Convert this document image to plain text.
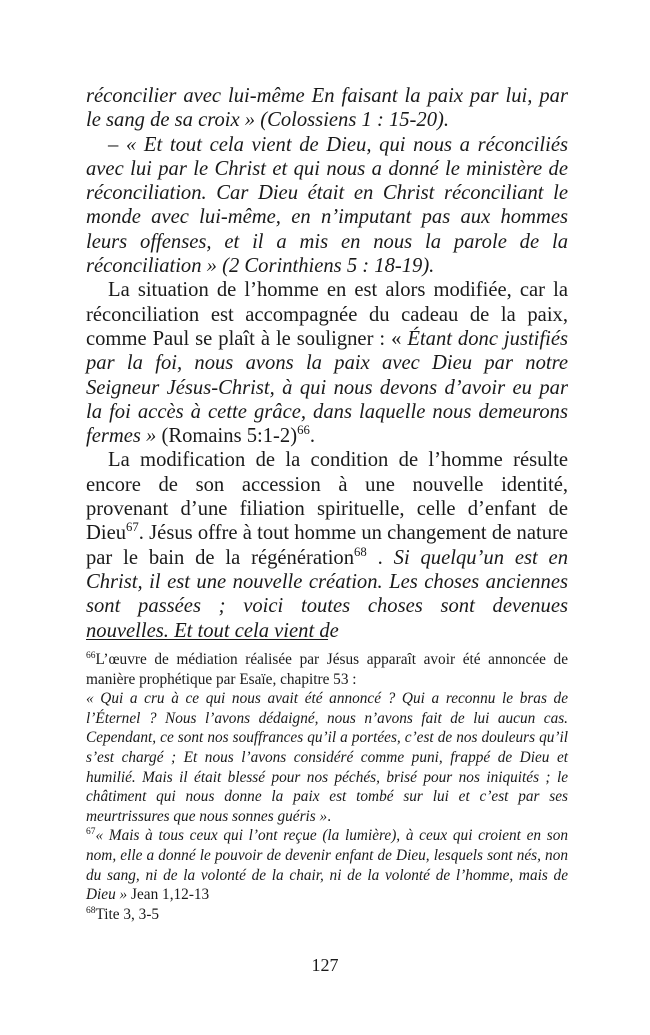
réconcilier avec lui-même En faisant la paix par lui, par le sang de sa croix » (Colossiens 1 : 15-20).

– « Et tout cela vient de Dieu, qui nous a réconciliés avec lui par le Christ et qui nous a donné le ministère de réconciliation. Car Dieu était en Christ réconciliant le monde avec lui-même, en n’imputant pas aux hommes leurs offenses, et il a mis en nous la parole de la réconciliation » (2 Corinthiens 5 : 18-19).

La situation de l’homme en est alors modifiée, car la réconciliation est accompagnée du cadeau de la paix, comme Paul se plaît à le souligner : « Étant donc justifiés par la foi, nous avons la paix avec Dieu par notre Seigneur Jésus-Christ, à qui nous devons d’avoir eu par la foi accès à cette grâce, dans laquelle nous demeurons fermes » (Romains 5:1-2)$^{66}$.

La modification de la condition de l’homme résulte encore de son accession à une nouvelle identité, provenant d’une filiation spirituelle, celle d’enfant de Dieu$^{67}$. Jésus offre à tout homme un changement de nature par le bain de la régénération$^{68}$ . Si quelqu’un est en Christ, il est une nouvelle création. Les choses anciennes sont passées ; voici toutes choses sont devenues nouvelles. Et tout cela vient de

$^{66}$L’œuvre de médiation réalisée par Jésus apparaît avoir été annoncée de manière prophétique par Esaïe, chapitre 53 :
« Qui a cru à ce qui nous avait été annoncé ? Qui a reconnu le bras de l’Éternel ? Nous l’avons dédaigné, nous n’avons fait de lui aucun cas. Cependant, ce sont nos souffrances qu’il a portées, c’est de nos douleurs qu’il s’est chargé ; Et nous l’avons considéré comme puni, frappé de Dieu et humilié. Mais il était blessé pour nos péchés, brisé pour nos iniquités ; le châtiment qui nous donne la paix est tombé sur lui et c’est par ses meurtrissures que nous sonnes guéris ».

$^{67}$« Mais à tous ceux qui l’ont reçue (la lumière), à ceux qui croient en son nom, elle a donné le pouvoir de devenir enfant de Dieu, lesquels sont nés, non du sang, ni de la volonté de la chair, ni de la volonté de l’homme, mais de Dieu » Jean 1,12-13

$^{68}$Tite 3, 3-5

127
